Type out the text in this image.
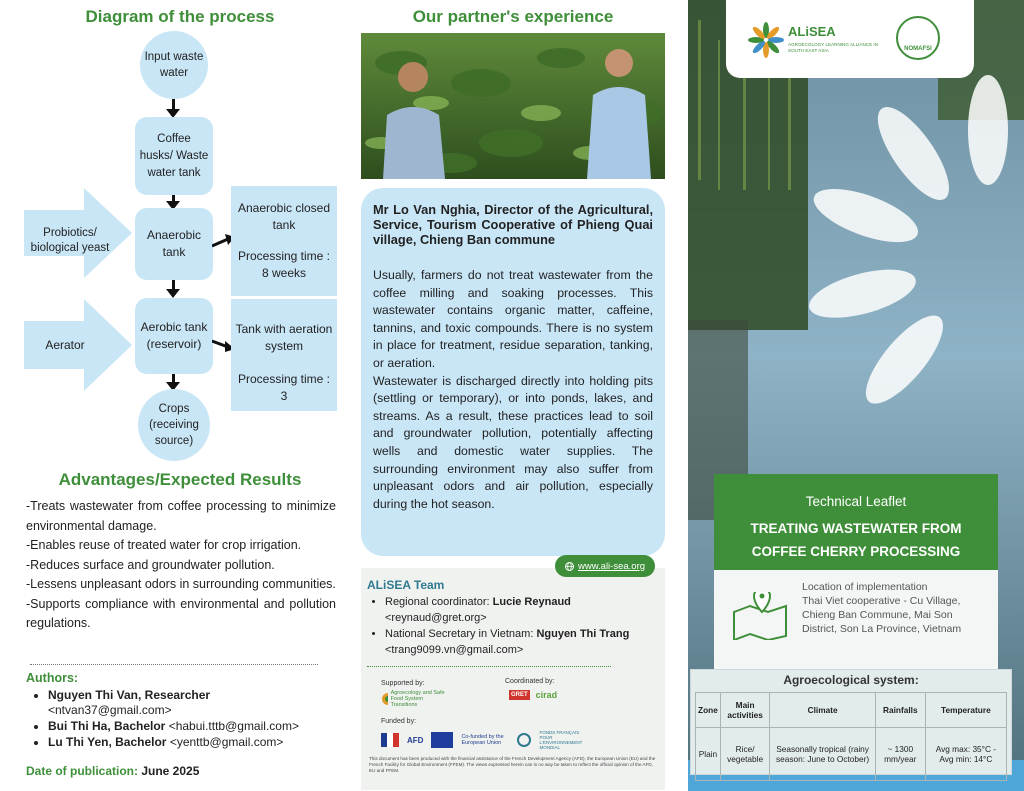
Diagram of the process
Probiotics/ biological yeast
Aerator
Input waste water
Coffee husks/ Waste water tank
Anaerobic tank
Aerobic tank (reservoir)
Crops (receiving source)
Anaerobic closed tank
Processing time : 8 weeks
Tank with aeration system
Processing time : 3
Advantages/Expected Results

-Treats wastewater from coffee processing to minimize environmental damage.

-Enables reuse of treated water for crop irrigation.

-Reduces surface and groundwater pollution.

-Lessens unpleasant odors in surrounding communities.

-Supports compliance with environmental and pollution regulations.

Authors:
• Nguyen Thi Van, Researcher
<ntvan37@gmail.com>
• Bui Thi Ha, Bachelor <habui.tttb@gmail.com>
• Lu Thi Yen, Bachelor <yenttb@gmail.com>
Date of publication: June 2025
Our partner's experience
Mr Lo Van Nghia, Director of the Agricultural, Service, Tourism Cooperative of Phieng Quai village, Chieng Ban commune

Usually, farmers do not treat wastewater from the coffee milling and soaking processes. This wastewater contains organic matter, caffeine, tannins, and toxic compounds. There is no system in place for treatment, residue separation, tanking, or aeration.

Wastewater is discharged directly into holding pits (settling or temporary), or into ponds, lakes, and streams. As a result, these practices lead to soil and groundwater pollution, potentially affecting wells and domestic water supplies. The surrounding environment may also suffer from unpleasant odors and air pollution, especially during the hot season.

ALiSEA Team
• Regional coordinator: Lucie Reynaud
<reynaud@gret.org>
• National Secretary in Vietnam: Nguyen Thi Trang
<trang9099.vn@gmail.com>
Supported by:
Agroecology and Safe Food System Transitions
Coordinated by:
GRET cirad
Funded by:
AFD	Co-funded by the European Union
FONDS FRANÇAIS POUR L'ENVIRONNEMENT MONDIAL
This document has been produced with the financial assistance of the French Development Agency (AFD), the European Union (EU) and the French Facility for Global Environment (FFEM). The views expressed herein can in no way be taken to reflect the official opinion of the AFD, EU and FFEM.
www.ali-sea.org
ALiSEA
AGROECOLOGY LEARNING ALLIANCE IN SOUTH EAST ASIA	NOMAFSI
Technical Leaflet
TREATING WASTEWATER FROM COFFEE CHERRY PROCESSING
Location of implementation
Thai Viet cooperative - Cu Village, Chieng Ban Commune, Mai Son District, Son La Province, Vietnam
Agroecological system:
Zone	Main activities	Climate	Rainfalls	Temperature
Plain	Rice/ vegetable	Seasonally tropical (rainy season: June to October)	~ 1300 mm/year	Avg max: 35°C - Avg min: 14°C
